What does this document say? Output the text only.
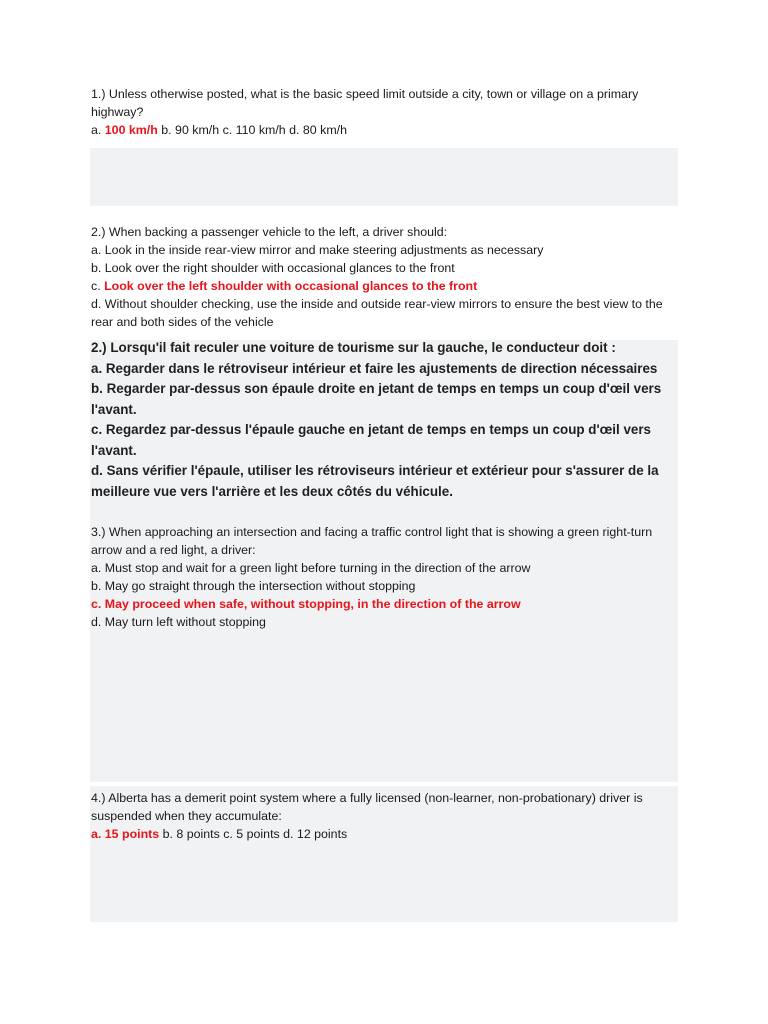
1.) Unless otherwise posted, what is the basic speed limit outside a city, town or village on a primary highway?
a. 100 km/h b. 90 km/h c. 110 km/h d. 80 km/h
2.) When backing a passenger vehicle to the left, a driver should:
a. Look in the inside rear-view mirror and make steering adjustments as necessary
b. Look over the right shoulder with occasional glances to the front
c. Look over the left shoulder with occasional glances to the front
d. Without shoulder checking, use the inside and outside rear-view mirrors to ensure the best view to the rear and both sides of the vehicle
2.) Lorsqu'il fait reculer une voiture de tourisme sur la gauche, le conducteur doit :
a. Regarder dans le rétroviseur intérieur et faire les ajustements de direction nécessaires
b. Regarder par-dessus son épaule droite en jetant de temps en temps un coup d'œil vers l'avant.
c. Regardez par-dessus l'épaule gauche en jetant de temps en temps un coup d'œil vers l'avant.
d. Sans vérifier l'épaule, utiliser les rétroviseurs intérieur et extérieur pour s'assurer de la meilleure vue vers l'arrière et les deux côtés du véhicule.
3.) When approaching an intersection and facing a traffic control light that is showing a green right-turn arrow and a red light, a driver:
a. Must stop and wait for a green light before turning in the direction of the arrow
b. May go straight through the intersection without stopping
c. May proceed when safe, without stopping, in the direction of the arrow
d. May turn left without stopping
4.) Alberta has a demerit point system where a fully licensed (non-learner, non-probationary) driver is suspended when they accumulate:
a. 15 points b. 8 points c. 5 points d. 12 points
